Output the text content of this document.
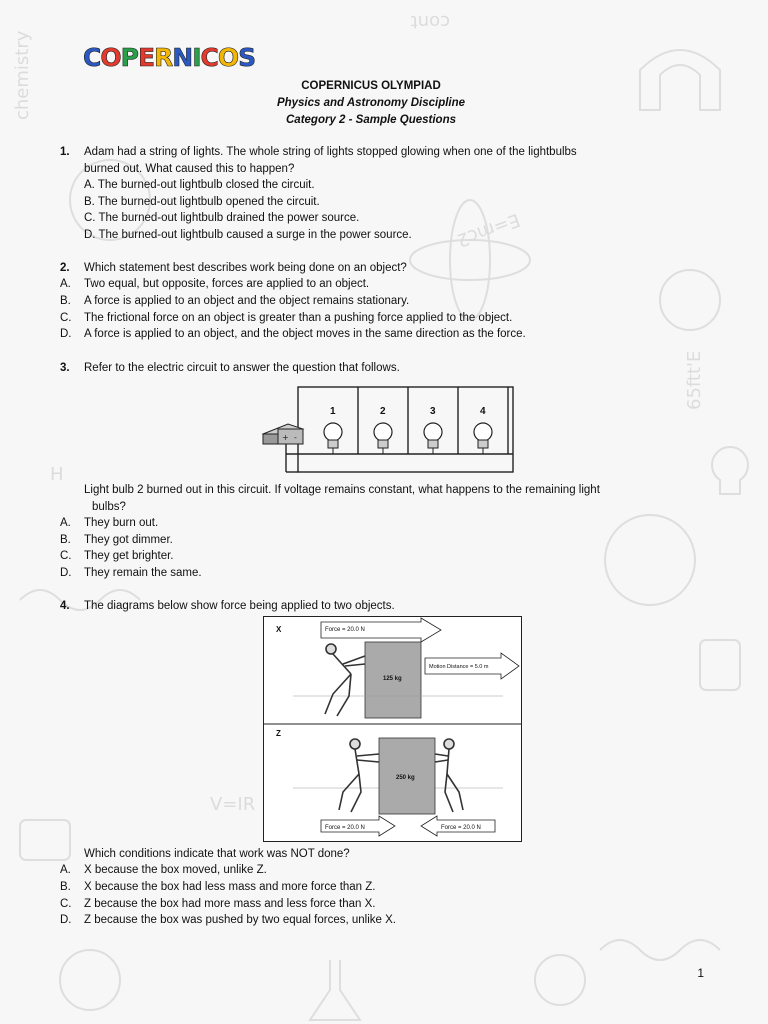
chemistry
cont
65ftt'E
H
E=mc2
V=IR
C O P E R N I C O S
COPERNICUS OLYMPIAD
Physics and Astronomy Discipline
Category 2 - Sample Questions
1.	Adam had a string of lights. The whole string of lights stopped glowing when one of the lightbulbs
burned out. What caused this to happen?
A. The burned-out lightbulb closed the circuit.
B. The burned-out lightbulb opened the circuit.
C. The burned-out lightbulb drained the power source.
D. The burned-out lightbulb caused a surge in the power source.
2.	Which statement best describes work being done on an object?
A. Two equal, but opposite, forces are applied to an object.
B. A force is applied to an object and the object remains stationary.
C. The frictional force on an object is greater than a pushing force applied to the object.
D. A force is applied to an object, and the object moves in the same direction as the force.
3.	Refer to the electric circuit to answer the question that follows.
+ -
1	2	3	4
Light bulb 2 burned out in this circuit. If voltage remains constant, what happens to the remaining light
bulbs?
A. They burn out.
B. They got dimmer.
C. They get brighter.
D. They remain the same.
4.	The diagrams below show force being applied to two objects.
X	Force = 20.0 N
125 kg
Motion Distance = 5.0 m
Z
250 kg
Force = 20.0 N	Force = 20.0 N
Which conditions indicate that work was NOT done?
A. X because the box moved, unlike Z.
B. X because the box had less mass and more force than Z.
C. Z because the box had more mass and less force than X.
D. Z because the box was pushed by two equal forces, unlike X.
1
